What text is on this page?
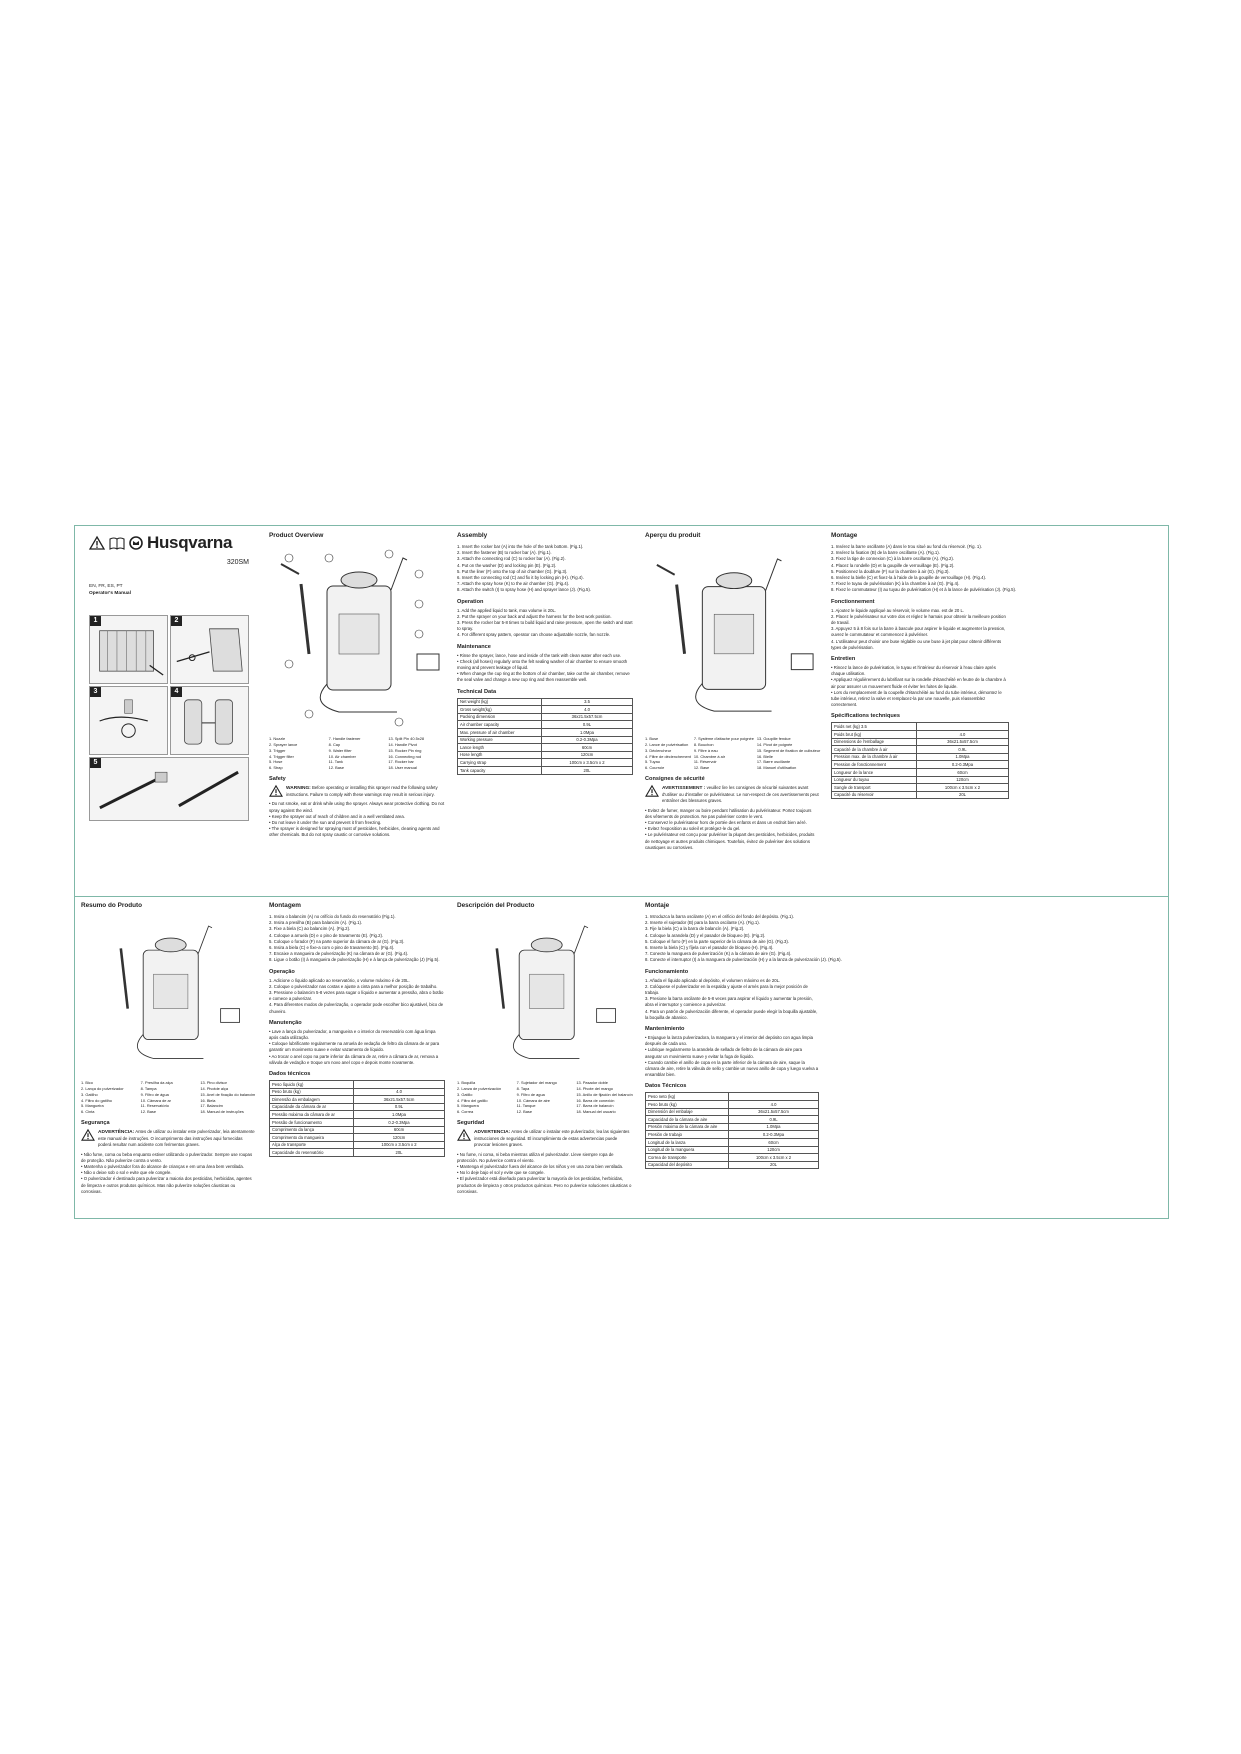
Husqvarna
320SM
EN, FR, ES, PT
Operator's Manual
1	2
3	4
5
Product Overview
1. Nozzle	7. Handle fastener	13. Split Pin 40.5x28
2. Sprayer lance	8. Cap	14. Handle Pivot
3. Trigger	9. Water filter	15. Rocker Pin ring
4. Trigger filter	10. Air chamber	16. Connecting rod
5. Hose	11. Tank	17. Rocker bar
6. Strap	12. Base	18. User manual
Safety
WARNING: Before operating or installing this sprayer read the following safety instructions. Failure to comply with these warnings may result in serious injury.
• Do not smoke, eat or drink while using the sprayer. Always wear protective clothing. Do not spray against the wind.
• Keep the sprayer out of reach of children and in a well ventilated area.
• Do not leave it under the sun and prevent it from freezing.
• The sprayer is designed for spraying most of pesticides, herbicides, cleaning agents and other chemicals. But do not spray caustic or corrosive solutions.
Assembly
1. Insert the rocker bar (A) into the hole of the tank bottom. (Fig.1).
2. Insert the fastener (B) to rocker bar (A). (Fig.1).
3. Attach the connecting rod (C) to rocker bar (A). (Fig.2).
4. Put on the washer (D) and locking pin (E). (Fig.2).
5. Put the liner (F) onto the top of air chamber (G). (Fig.3).
6. Insert the connecting rod (C) and fix it by locking pin (H). (Fig.4).
7. Attach the spray hose (K) to the air chamber (G). (Fig.4).
8. Attach the switch (I) to spray hose (H) and sprayer lance (J). (Fig.5).
Operation
1. Add the applied liquid to tank, max volume is 20L.
2. Put the sprayer on your back and adjust the harness for the best work position.
3. Press the rocker bar 5-8 times to build liquid and raise pressure, open the switch and start to spray.
4. For different spray pattern, operator can choose adjustable nozzle, fan nozzle.
Maintenance
• Rinse the sprayer, lance, hose and inside of the tank with clean water after each use.
• Check (all hoses) regularly onto the felt sealing washer of air chamber to ensure smooth moving and prevent leakage of liquid.
• When change the cup ring at the bottom of air chamber, take out the air chamber, remove the seal valve and change a new cup ring and then reassemble well.
Technical Data
Net weight (kg)	3.5
Gross weight(kg)	4.0
Packing dimension	36x21.5x57.5cm
Air chamber capacity	0.9L
Max. pressure of air chamber	1.0Mpa
Working pressure	0.2-0.3Mpa
Lance length	60cm
Hose length	120cm
Carrying strap	100cm x 3.5cm x 2
Tank capacity	20L
Aperçu du produit
1. Buse	7. Système d'attache pour poignée 13. Goupille fendue
2. Lance de pulvérisation	8. Bouchon	14. Pivot de poignée
3. Déclencheur	9. Filtre à eau	15. Segment de fixation de culbuteur
4. Filtre de déclenchement 10. Chambre à air	16. Bielle
5. Tuyau	11. Réservoir	17. Barre oscillante
6. Courroie	12. Base	18. Manuel d'utilisation
Consignes de sécurité
AVERTISSEMENT : veuillez lire les consignes de sécurité suivantes avant d'utiliser ou d'installer ce pulvérisateur. Le non-respect de ces avertissements peut entraîner des blessures graves.
• Evitez de fumer, manger ou boire pendant l'utilisation du pulvérisateur. Portez toujours des vêtements de protection. Ne pas pulvériser contre le vent.
• Conservez le pulvérisateur hors de portée des enfants et dans un endroit bien aéré.
• Evitez l'exposition au soleil et protégez-le du gel.
• Le pulvérisateur est conçu pour pulvériser la plupart des pesticides, herbicides, produits de nettoyage et autres produits chimiques. Toutefois, évitez de pulvériser des solutions caustiques ou corrosives.
Montage
1. Insérez la barre oscillante (A) dans le trou situé au fond du réservoir. (Fig. 1).
2. Insérez la fixation (B) de la barre oscillante (A). (Fig.1).
3. Fixez la tige de connexion (C) à la barre oscillante (A). (Fig.2).
4. Placez la rondelle (D) et la goupille de verrouillage (E). (Fig.2).
5. Positionnez la doublure (F) sur la chambre à air (G). (Fig.3).
6. Insérez la bielle (C) et fixez-la à l'aide de la goupille de verrouillage (H). (Fig.4).
7. Fixez le tuyau de pulvérisation (K) à la chambre à air (G). (Fig.4).
8. Fixez le commutateur (I) au tuyau de pulvérisation (H) et à la lance de pulvérisation (J). (Fig.5).
Fonctionnement
1. Ajoutez le liquide appliqué au réservoir, le volume max. est de 20 L.
2. Placez le pulvérisateur sur votre dos et réglez le harnais pour obtenir la meilleure position de travail.
3. Appuyez 5 à 8 fois sur la barre à bascule pour aspirer le liquide et augmenter la pression, ouvrez le commutateur et commencez à pulvériser.
4. L'utilisateur peut choisir une buse réglable ou une buse à jet plat pour obtenir différents types de pulvérisation.
Entretien
• Rincez la lance de pulvérisation, le tuyau et l'intérieur du réservoir à l'eau claire après chaque utilisation.
• Appliquez régulièrement du lubrifiant sur la rondelle d'étanchéité en feutre de la chambre à air pour assurer un mouvement fluide et éviter les fuites de liquide.
• Lors du remplacement de la coupelle d'étanchéité au fond du tube intérieur, démontez le tube intérieur, retirez la valve et remplacez-la par une nouvelle, puis réassemblez correctement.
Spécifications techniques
Poids net (kg) 3.5	
Poids brut (kg)	4.0
Dimensions de l'emballage	36x21.5x57.5cm
Capacité de la chambre à air	0.9L
Pression max. de la chambre à air	1.0Mpa
Pression de fonctionnement	0.2-0.3Mpa
Longueur de la lance	60cm
Longueur du tuyau	120cm
Sangle de transport	100cm x 3.5cm x 2
Capacité du réservoir	20L
Resumo do Produto
1. Bico	7. Presilha da alça	13. Pino divisor
2. Lança do pulverizador	8. Tampa	14. Pivotde alça
3. Gatilho	9. Filtro de água	15. Anel de fixação do balancim
4. Filtro do gatilho	10. Câmara de ar	16. Biela
5. Mangueira	11. Reservatório	17. Balancim
6. Cinta	12. Base	18. Manual de instruções
Segurança
ADVERTÊNCIA: Antes de utilizar ou instalar este pulverizador, leia atentamente este manual de instruções. O incumprimento das instruções aqui fornecidas poderá resultar num acidente com ferimentos graves.
• Não fume, coma ou beba enquanto estiver utilizando o pulverizador. Sempre use roupas de proteção. Não pulverize contra o vento.
• Mantenha o pulverizador fora do alcance de crianças e em uma área bem ventilada.
• Não o deixe sob o sol e evite que ele congele.
• O pulverizador é destinado para pulverizar a maioria dos pesticidas, herbicidas, agentes de limpeza e outros produtos químicos. Mas não pulverize soluções cáusticas ou corrosivas.
Montagem
1. Insira o balancim (A) no orifício do fundo do reservatório (Fig.1).
2. Insira a presilha (B) para balancim (A). (Fig.1).
3. Fixe a biela (C) ao balancim (A). (Fig.2).
4. Coloque a arruela (D) e o pino de travamento (E). (Fig.2).
5. Coloque o forador (F) na parte superior da câmara de ar (G). (Fig.3).
6. Insira a biela (C) e fixe-a com o pino de travamento (E). (Fig.4).
7. Encaixe a mangueira de pulverização (K) na câmara de ar (G). (Fig.4).
8. Ligue o botão (I) à mangueira de pulverização (H) e à lança de pulverização (J) (Fig.5).
Operação
1. Adicione o líquido aplicado ao reservatório, o volume máximo é de 20L.
2. Coloque o pulverizador nas costas e ajuste a cinta para a melhor posição de trabalho.
3. Pressione o balancim 5-8 vezes para sugar o líquido e aumentar a pressão, abra o botão e comece a pulverizar.
4. Para diferentes modos de pulverização, o operador pode escolher bico ajustável, bico de chuveiro.
Manutenção
• Lave a lança do pulverizador, a mangueira e o interior do reservatório com água limpa após cada utilização.
• Coloque lubrificante regularmente na arruela de vedação de feltro da câmara de ar para garantir um movimento suave e evitar vazamento de líquido.
• Ao trocar o anel copo na parte inferior da câmara de ar, retire a câmara de ar, remova a válvula de vedação e troque um novo anel copo e depois monte novamente.
Dados técnicos
Peso líquido (kg)	
Peso bruto (kg)	4.0
Dimensão da embalagem	36x21.5x57.5cm
Capacidade da câmara de ar	0.9L
Pressão máxima da câmara de ar	1.0Mpa
Pressão de funcionamento	0.2-0.3Mpa
Comprimento da lança	60cm
Comprimento da mangueira	120cm
Alça de transporte	100cm x 3.5cm x 2
Capacidade do reservatório	20L
Descripción del Producto
1. Boquilla	7. Sujetador del mango	13. Pasador doble
2. Lanza de pulverización	8. Tapa	14. Pivote del mango
3. Gatillo	9. Filtro de agua	15. Anillo de fijación del balancín
4. Filtro del gatillo	10. Cámara de aire	16. Barra de conexión
5. Manguera	11. Tanque	17. Barra de balancín
6. Correa	12. Base	18. Manual del usuario
Seguridad
ADVERTENCIA: Antes de utilizar o instalar este pulverizador, lea las siguientes instrucciones de seguridad. El incumplimiento de estas advertencias puede provocar lesiones graves.
• No fume, ni coma, ni beba mientras utiliza el pulverizador. Lleve siempre ropa de protección. No pulverice contra el viento.
• Mantenga el pulverizador fuera del alcance de los niños y en una zona bien ventilada.
• No lo deje bajo el sol y evite que se congele.
• El pulverizador está diseñado para pulverizar la mayoría de los pesticidas, herbicidas, productos de limpieza y otros productos químicos. Pero no pulverice soluciones cáusticas o corrosivas.
Montaje
1. Introduzca la barra oscilante (A) en el orificio del fondo del depósito. (Fig.1).
2. Inserte el sujetador (B) para la barra oscilante (A). (Fig.1).
3. Fije la biela (C) a la barra de balancín (A). (Fig.2).
4. Coloque la arandela (D) y el pasador de bloqueo (E). (Fig.2).
5. Coloque el forro (F) en la parte superior de la cámara de aire (G). (Fig.3).
6. Inserte la biela (C) y fíjela con el pasador de bloqueo (H). (Fig.4).
7. Conecte la manguera de pulverización (K) a la cámara de aire (G). (Fig.4).
8. Conecte el interruptor (I) a la manguera de pulverización (H) y a la lanza de pulverización (J). (Fig.5).
Funcionamiento
1. Añada el líquido aplicado al depósito, el volumen máximo es de 20L.
2. Colóquese el pulverizador en la espalda y ajuste el arnés para la mejor posición de trabajo.
3. Presione la barra oscilante de 5-8 veces para aspirar el líquido y aumentar la presión, abra el interruptor y comience a pulverizar.
4. Para un patrón de pulverización diferente, el operador puede elegir la boquilla ajustable, la boquilla de abanico.
Mantenimiento
• Enjuague la lanza pulverizadora, la manguera y el interior del depósito con agua limpia después de cada uso.
• Lubrique regularmente la arandela de sellado de fieltro de la cámara de aire para asegurar un movimiento suave y evitar la fuga de líquido.
• Cuando cambie el anillo de copa en la parte inferior de la cámara de aire, saque la cámara de aire, retire la válvula de sello y cambie un nuevo anillo de copa y luego vuelva a ensamblar bien.
Datos Técnicos
Peso neto (kg)	
Peso bruto (kg)	4.0
Dimensión del embalaje	36x21.5x57.5cm
Capacidad de la cámara de aire	0.9L
Presión máxima de la cámara de aire	1.0Mpa
Presión de trabajo	0.2-0.3Mpa
Longitud de la lanza	60cm
Longitud de la manguera	120cm
Correa de transporte	100cm x 3.5cm x 2
Capacidad del depósito	20L
